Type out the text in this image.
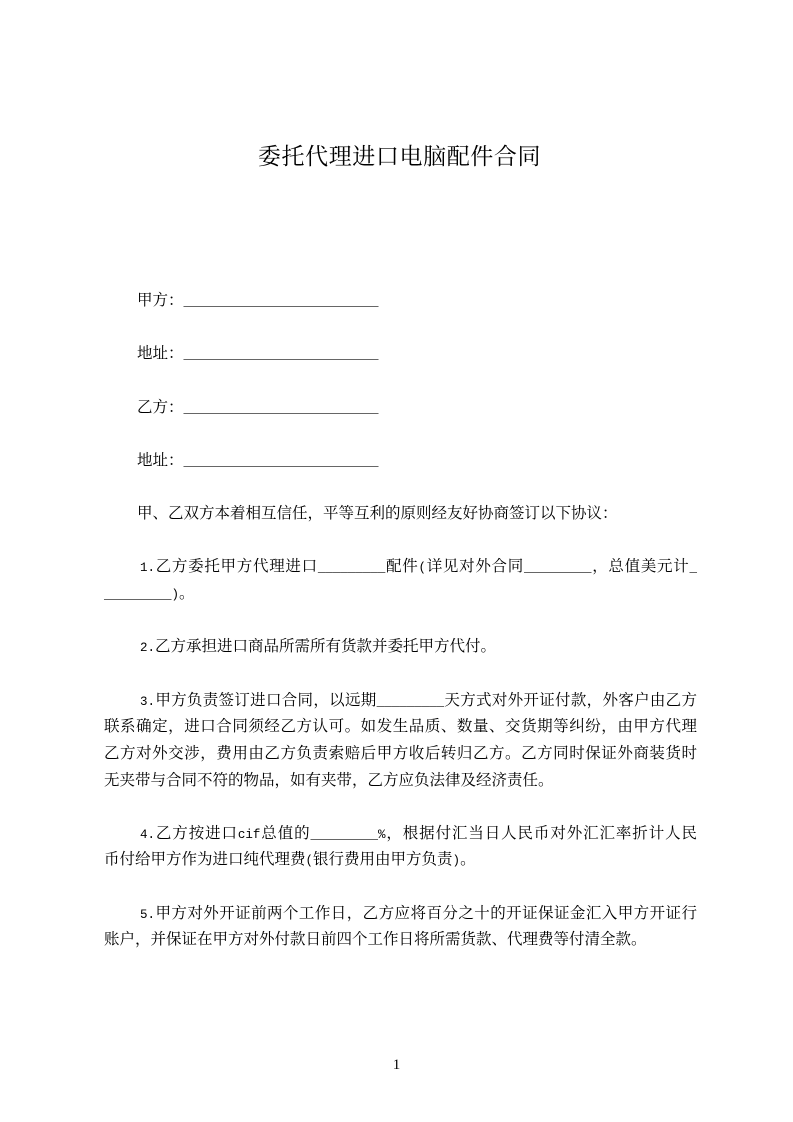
委托代理进口电脑配件合同
甲方：__________________________
地址：__________________________
乙方：__________________________
地址：__________________________
甲、乙双方本着相互信任，平等互利的原则经友好协商签订以下协议：
1.乙方委托甲方代理进口_________配件(详见对外合同_________，总值美元计_
_________)。
2.乙方承担进口商品所需所有货款并委托甲方代付。
3.甲方负责签订进口合同，以远期_________天方式对外开证付款，外客户由乙方
联系确定，进口合同须经乙方认可。如发生品质、数量、交货期等纠纷，由甲方代理
乙方对外交涉，费用由乙方负责索赔后甲方收后转归乙方。乙方同时保证外商装货时
无夹带与合同不符的物品，如有夹带，乙方应负法律及经济责任。
4.乙方按进口cif总值的_________%，根据付汇当日人民币对外汇汇率折计人民
币付给甲方作为进口纯代理费(银行费用由甲方负责)。
5.甲方对外开证前两个工作日，乙方应将百分之十的开证保证金汇入甲方开证行
账户，并保证在甲方对外付款日前四个工作日将所需货款、代理费等付清全款。
1
